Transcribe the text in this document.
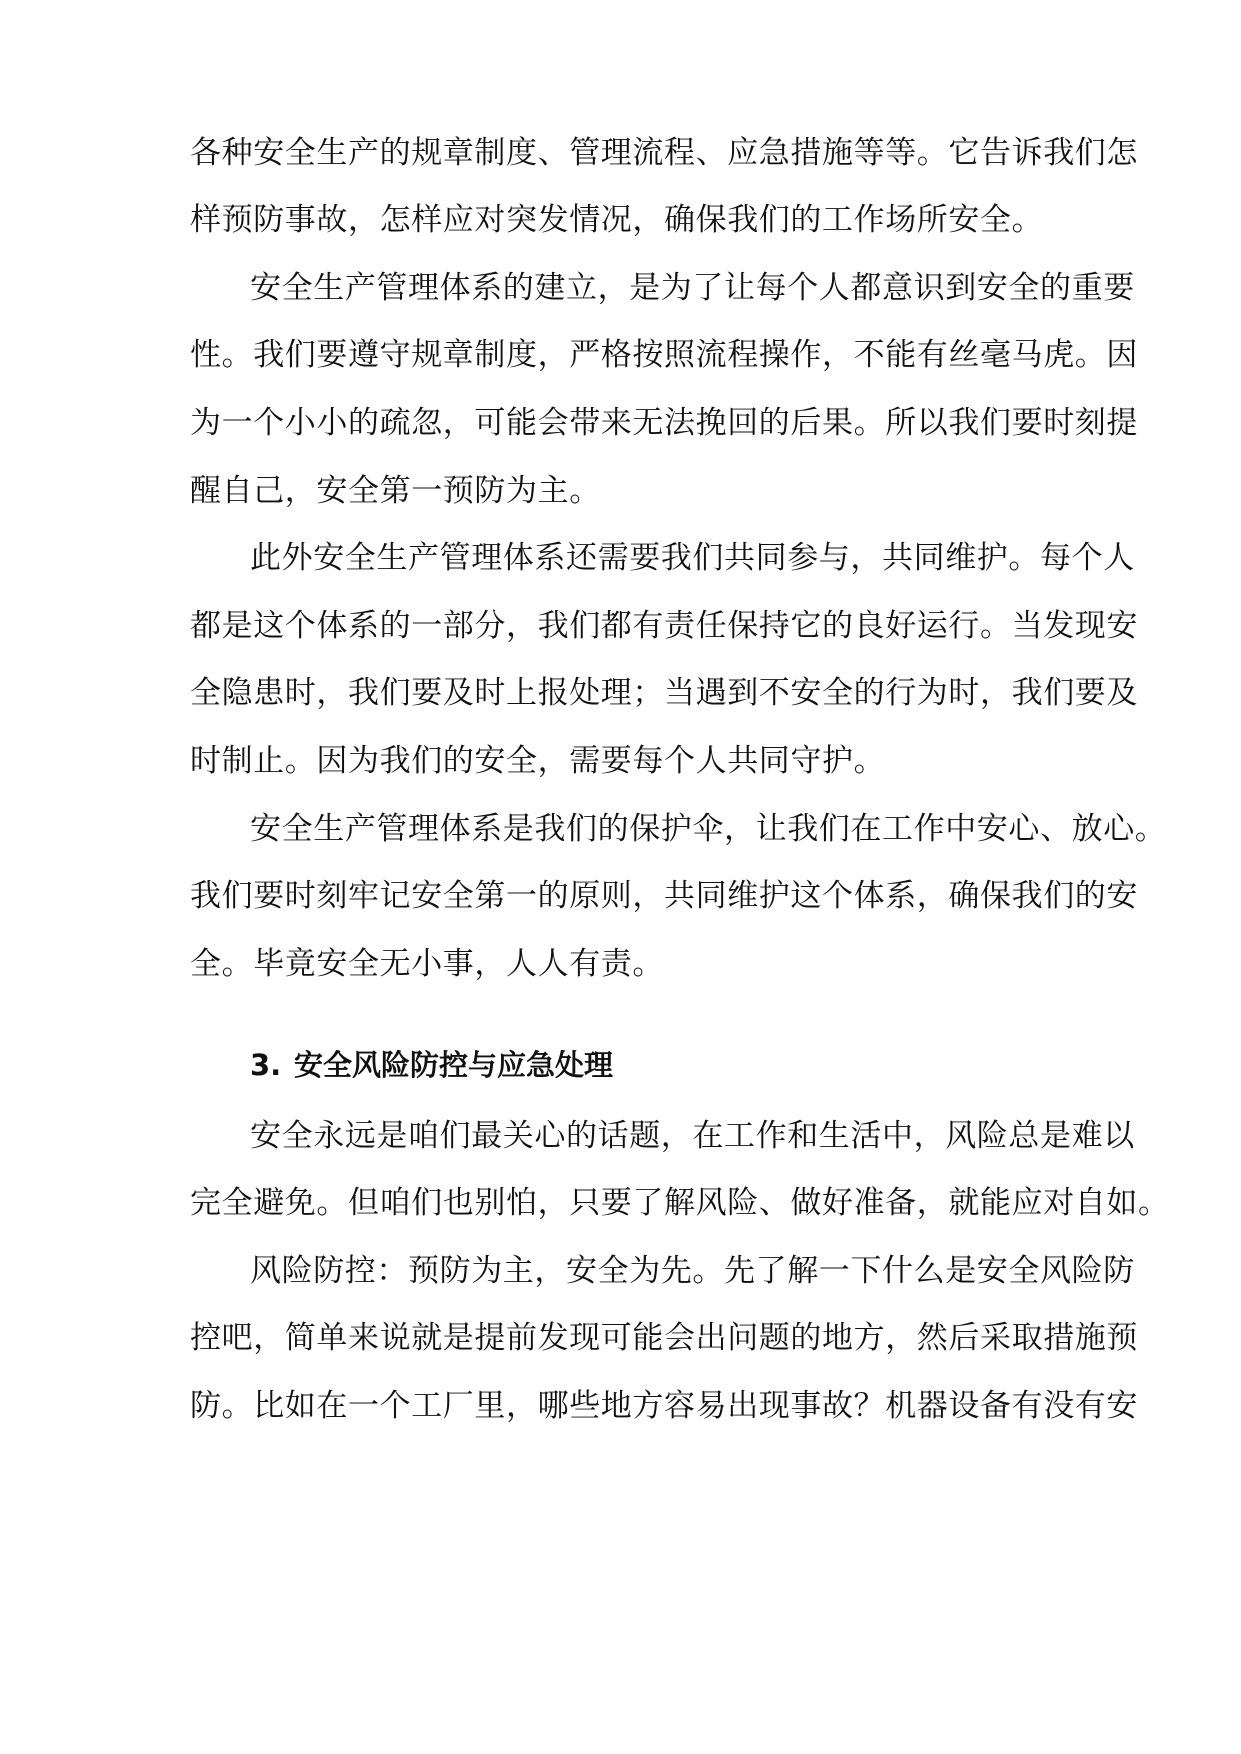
各种安全生产的规章制度、管理流程、应急措施等等。它告诉我们怎
样预防事故，怎样应对突发情况，确保我们的工作场所安全。
安全生产管理体系的建立，是为了让每个人都意识到安全的重要
性。我们要遵守规章制度，严格按照流程操作，不能有丝毫马虎。因
为一个小小的疏忽，可能会带来无法挽回的后果。所以我们要时刻提
醒自己，安全第一预防为主。
此外安全生产管理体系还需要我们共同参与，共同维护。每个人
都是这个体系的一部分，我们都有责任保持它的良好运行。当发现安
全隐患时，我们要及时上报处理；当遇到不安全的行为时，我们要及
时制止。因为我们的安全，需要每个人共同守护。
安全生产管理体系是我们的保护伞，让我们在工作中安心、放心。
我们要时刻牢记安全第一的原则，共同维护这个体系，确保我们的安
全。毕竟安全无小事，人人有责。
3. 安全风险防控与应急处理
安全永远是咱们最关心的话题，在工作和生活中，风险总是难以
完全避免。但咱们也别怕，只要了解风险、做好准备，就能应对自如。
风险防控：预防为主，安全为先。先了解一下什么是安全风险防
控吧，简单来说就是提前发现可能会出问题的地方，然后采取措施预
防。比如在一个工厂里，哪些地方容易出现事故？机器设备有没有安
